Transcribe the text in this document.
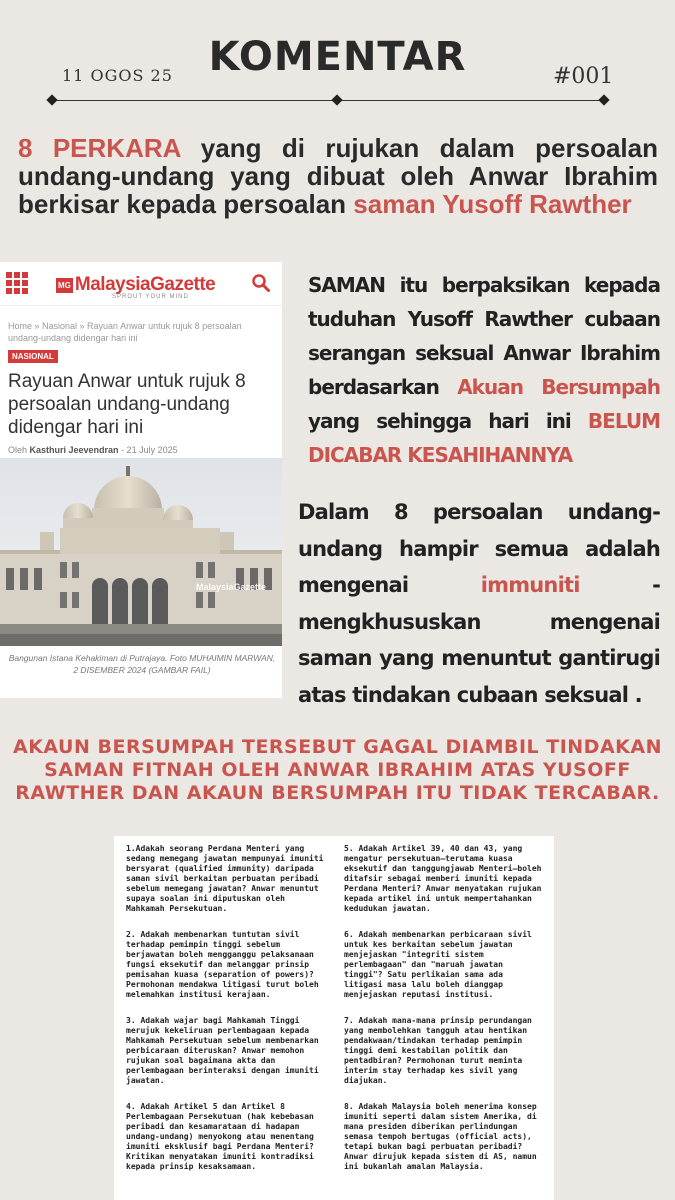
KOMENTAR
11 OGOS 25	#001
8 PERKARA yang di rujukan dalam persoalan undang-undang yang dibuat oleh Anwar Ibrahim berkisar kepada persoalan saman Yusoff Rawther
MG MalaysiaGazette
SPROUT YOUR MIND
Home » Nasional » Rayuan Anwar untuk rujuk 8 persoalan undang-undang didengar hari ini
NASIONAL
Rayuan Anwar untuk rujuk 8 persoalan undang-undang didengar hari ini
Oleh Kasthuri Jeevendran - 21 July 2025
MalaysiaGazette
Bangunan Istana Kehakiman di Putrajaya. Foto MUHAIMIN MARWAN, 2 DISEMBER 2024 (GAMBAR FAIL)
SAMAN itu berpaksikan kepada tuduhan Yusoff Rawther cubaan serangan seksual Anwar Ibrahim berdasarkan Akuan Bersumpah yang sehingga hari ini BELUM DICABAR KESAHIHANNYA
Dalam 8 persoalan undang-undang hampir semua adalah mengenai immuniti - mengkhususkan mengenai saman yang menuntut gantirugi atas tindakan cubaan seksual .
AKAUN BERSUMPAH TERSEBUT GAGAL DIAMBIL TINDAKAN SAMAN FITNAH OLEH ANWAR IBRAHIM ATAS YUSOFF RAWTHER DAN AKAUN BERSUMPAH ITU TIDAK TERCABAR.
1.Adakah seorang Perdana Menteri yang sedang memegang jawatan mempunyai imuniti bersyarat (qualified immunity) daripada saman sivil berkaitan perbuatan peribadi sebelum memegang jawatan? Anwar menuntut supaya soalan ini diputuskan oleh Mahkamah Persekutuan.
2. Adakah membenarkan tuntutan sivil terhadap pemimpin tinggi sebelum berjawatan boleh mengganggu pelaksanaan fungsi eksekutif dan melanggar prinsip pemisahan kuasa (separation of powers)? Permohonan mendakwa litigasi turut boleh melemahkan institusi kerajaan.
3. Adakah wajar bagi Mahkamah Tinggi merujuk kekeliruan perlembagaan kepada Mahkamah Persekutuan sebelum membenarkan perbicaraan diteruskan? Anwar memohon rujukan soal bagaimana akta dan perlembagaan berinteraksi dengan imuniti jawatan.
4. Adakah Artikel 5 dan Artikel 8 Perlembagaan Persekutuan (hak kebebasan peribadi dan kesamarataan di hadapan undang-undang) menyokong atau menentang imuniti eksklusif bagi Perdana Menteri? Kritikan menyatakan imuniti kontradiksi kepada prinsip kesaksamaan.
5. Adakah Artikel 39, 40 dan 43, yang mengatur persekutuan—terutama kuasa eksekutif dan tanggungjawab Menteri—boleh ditafsir sebagai memberi imuniti kepada Perdana Menteri? Anwar menyatakan rujukan kepada artikel ini untuk mempertahankan kedudukan jawatan.
6. Adakah membenarkan perbicaraan sivil untuk kes berkaitan sebelum jawatan menjejaskan "integriti sistem perlembagaan" dan "maruah jawatan tinggi"? Satu perlikaian sama ada litigasi masa lalu boleh dianggap menjejaskan reputasi institusi.
7. Adakah mana-mana prinsip perundangan yang membolehkan tangguh atau hentikan pendakwaan/tindakan terhadap pemimpin tinggi demi kestabilan politik dan pentadbiran? Permohonan turut meminta interim stay terhadap kes sivil yang diajukan.
8. Adakah Malaysia boleh menerima konsep imuniti seperti dalam sistem Amerika, di mana presiden diberikan perlindungan semasa tempoh bertugas (official acts), tetapi bukan bagi perbuatan peribadi? Anwar dirujuk kepada sistem di AS, namun ini bukanlah amalan Malaysia.
